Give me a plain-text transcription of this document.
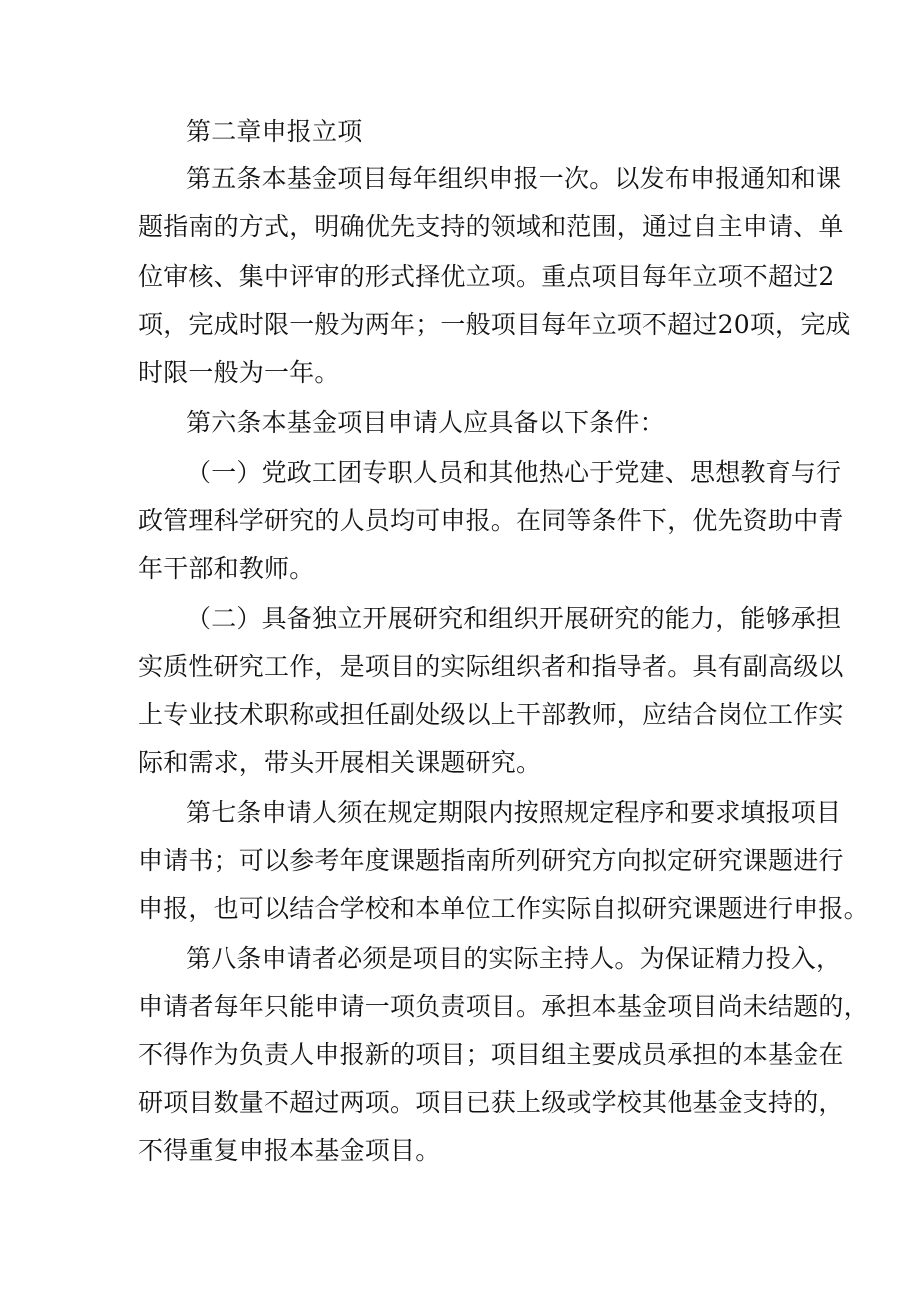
第二章申报立项
第五条本基金项目每年组织申报一次。以发布申报通知和课
题指南的方式，明确优先支持的领域和范围，通过自主申请、单
位审核、集中评审的形式择优立项。重点项目每年立项不超过2
项，完成时限一般为两年；一般项目每年立项不超过20项，完成
时限一般为一年。
第六条本基金项目申请人应具备以下条件：
（一）党政工团专职人员和其他热心于党建、思想教育与行
政管理科学研究的人员均可申报。在同等条件下，优先资助中青
年干部和教师。
（二）具备独立开展研究和组织开展研究的能力，能够承担
实质性研究工作，是项目的实际组织者和指导者。具有副高级以
上专业技术职称或担任副处级以上干部教师，应结合岗位工作实
际和需求，带头开展相关课题研究。
第七条申请人须在规定期限内按照规定程序和要求填报项目
申请书；可以参考年度课题指南所列研究方向拟定研究课题进行
申报，也可以结合学校和本单位工作实际自拟研究课题进行申报。
第八条申请者必须是项目的实际主持人。为保证精力投入，
申请者每年只能申请一项负责项目。承担本基金项目尚未结题的，
不得作为负责人申报新的项目；项目组主要成员承担的本基金在
研项目数量不超过两项。项目已获上级或学校其他基金支持的，
不得重复申报本基金项目。
